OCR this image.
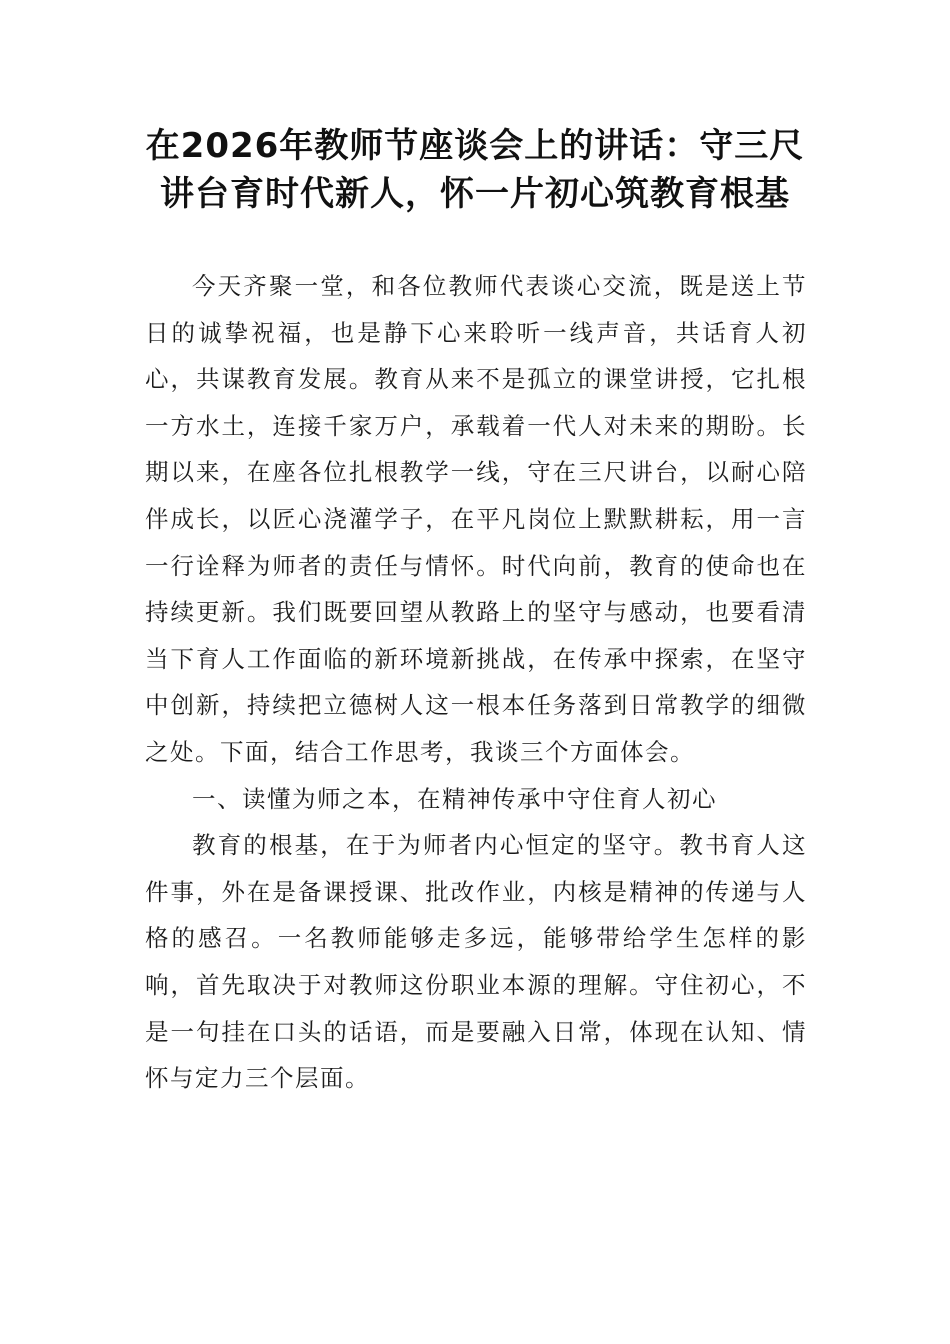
在2026年教师节座谈会上的讲话：守三尺
讲台育时代新人，怀一片初心筑教育根基

今天齐聚一堂，和各位教师代表谈心交流，既是送上节日的诚挚祝福，也是静下心来聆听一线声音，共话育人初心，共谋教育发展。教育从来不是孤立的课堂讲授，它扎根一方水土，连接千家万户，承载着一代人对未来的期盼。长期以来，在座各位扎根教学一线，守在三尺讲台，以耐心陪伴成长，以匠心浇灌学子，在平凡岗位上默默耕耘，用一言一行诠释为师者的责任与情怀。时代向前，教育的使命也在持续更新。我们既要回望从教路上的坚守与感动，也要看清当下育人工作面临的新环境新挑战，在传承中探索，在坚守中创新，持续把立德树人这一根本任务落到日常教学的细微之处。下面，结合工作思考，我谈三个方面体会。

一、读懂为师之本，在精神传承中守住育人初心

教育的根基，在于为师者内心恒定的坚守。教书育人这件事，外在是备课授课、批改作业，内核是精神的传递与人格的感召。一名教师能够走多远，能够带给学生怎样的影响，首先取决于对教师这份职业本源的理解。守住初心，不是一句挂在口头的话语，而是要融入日常，体现在认知、情怀与定力三个层面。
